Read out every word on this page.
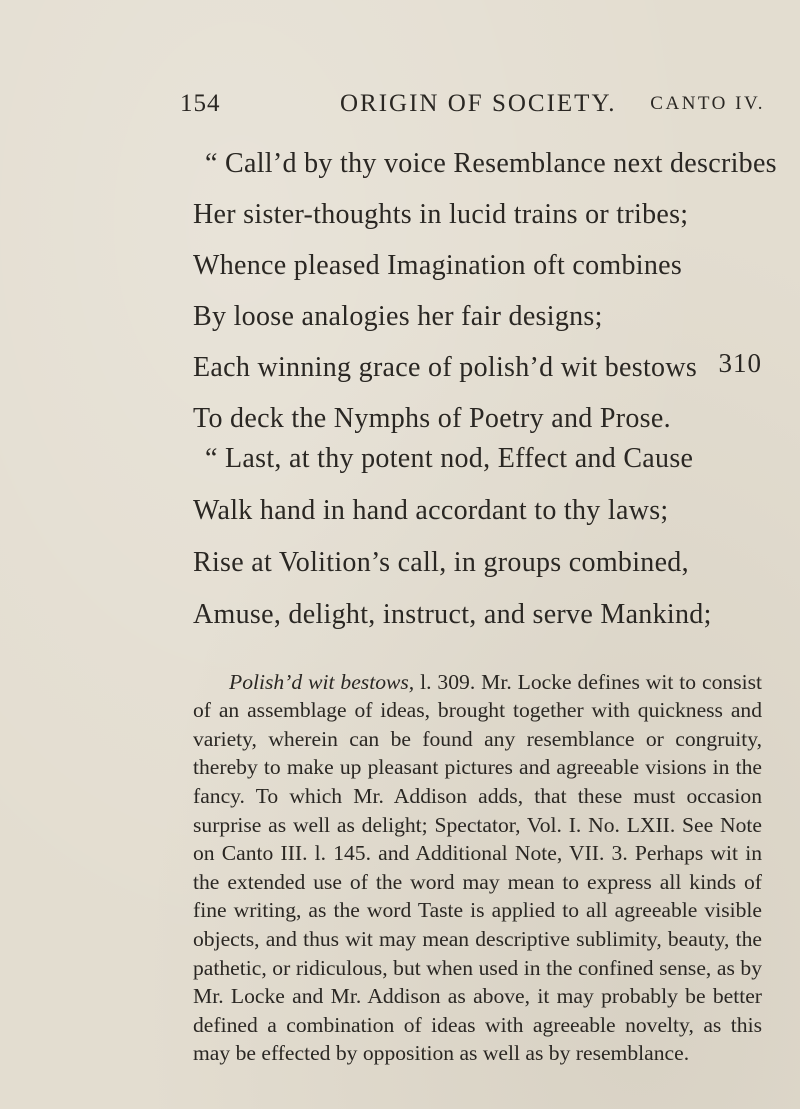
154	ORIGIN OF SOCIETY. CANTO IV.
“ Call’d by thy voice Resemblance next describes
Her sister-thoughts in lucid trains or tribes;
Whence pleased Imagination oft combines
By loose analogies her fair designs;
Each winning grace of polish’d wit bestows
To deck the Nymphs of Poetry and Prose.
310
“ Last, at thy potent nod, Effect and Cause
Walk hand in hand accordant to thy laws;
Rise at Volition’s call, in groups combined,
Amuse, delight, instruct, and serve Mankind;

Polish’d wit bestows, l. 309. Mr. Locke defines wit to consist of an assemblage of ideas, brought together with quickness and variety, wherein can be found any resemblance or congruity, thereby to make up pleasant pictures and agreeable visions in the fancy. To which Mr. Addison adds, that these must occasion surprise as well as delight; Spectator, Vol. I. No. LXII. See Note on Canto III. l. 145. and Additional Note, VII. 3. Perhaps wit in the extended use of the word may mean to express all kinds of fine writing, as the word Taste is applied to all agreeable visible objects, and thus wit may mean descriptive sublimity, beauty, the pathetic, or ridiculous, but when used in the confined sense, as by Mr. Locke and Mr. Addison as above, it may probably be better defined a combination of ideas with agreeable novelty, as this may be effected by opposition as well as by resemblance.
